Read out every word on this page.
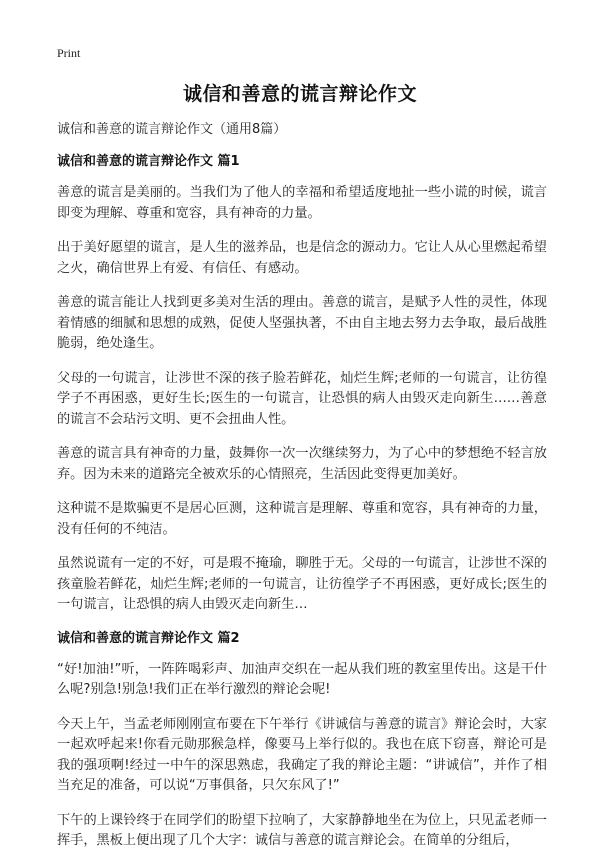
Print
诚信和善意的谎言辩论作文

诚信和善意的谎言辩论作文（通用8篇）

诚信和善意的谎言辩论作文 篇1

善意的谎言是美丽的。当我们为了他人的幸福和希望适度地扯一些小谎的时候，谎言即变为理解、尊重和宽容，具有神奇的力量。

出于美好愿望的谎言，是人生的滋养品，也是信念的源动力。它让人从心里燃起希望之火，确信世界上有爱、有信任、有感动。

善意的谎言能让人找到更多美对生活的理由。善意的谎言，是赋予人性的灵性，体现着情感的细腻和思想的成熟，促使人坚强执著，不由自主地去努力去争取，最后战胜脆弱，绝处逢生。

父母的一句谎言，让涉世不深的孩子脸若鲜花，灿烂生辉;老师的一句谎言，让彷徨学子不再困惑，更好生长;医生的一句谎言，让恐惧的病人由毁灭走向新生……善意的谎言不会玷污文明、更不会扭曲人性。

善意的谎言具有神奇的力量，鼓舞你一次一次继续努力，为了心中的梦想绝不轻言放弃。因为未来的道路完全被欢乐的心情照亮，生活因此变得更加美好。

这种谎不是欺骗更不是居心叵测，这种谎言是理解、尊重和宽容，具有神奇的力量，没有任何的不纯洁。

虽然说谎有一定的不好，可是瑕不掩瑜，聊胜于无。父母的一句谎言，让涉世不深的孩童脸若鲜花，灿烂生辉;老师的一句谎言，让彷徨学子不再困惑，更好成长;医生的一句谎言，让恐惧的病人由毁灭走向新生…

诚信和善意的谎言辩论作文 篇2

“好!加油!”听，一阵阵喝彩声、加油声交织在一起从我们班的教室里传出。这是干什么呢?别急!别急!我们正在举行激烈的辩论会呢!

今天上午，当孟老师刚刚宣布要在下午举行《讲诚信与善意的谎言》辩论会时，大家一起欢呼起来!你看元勋那猴急样，像要马上举行似的。我也在底下窃喜，辩论可是我的强项啊!经过一中午的深思熟虑，我确定了我的辩论主题：“讲诚信”，并作了相当充足的准备，可以说“万事俱备，只欠东风了!”

下午的上课铃终于在同学们的盼望下拉响了，大家静静地坐在为位上，只见孟老师一挥手，黑板上便出现了几个大字：诚信与善意的谎言辩论会。在简单的分组后，
